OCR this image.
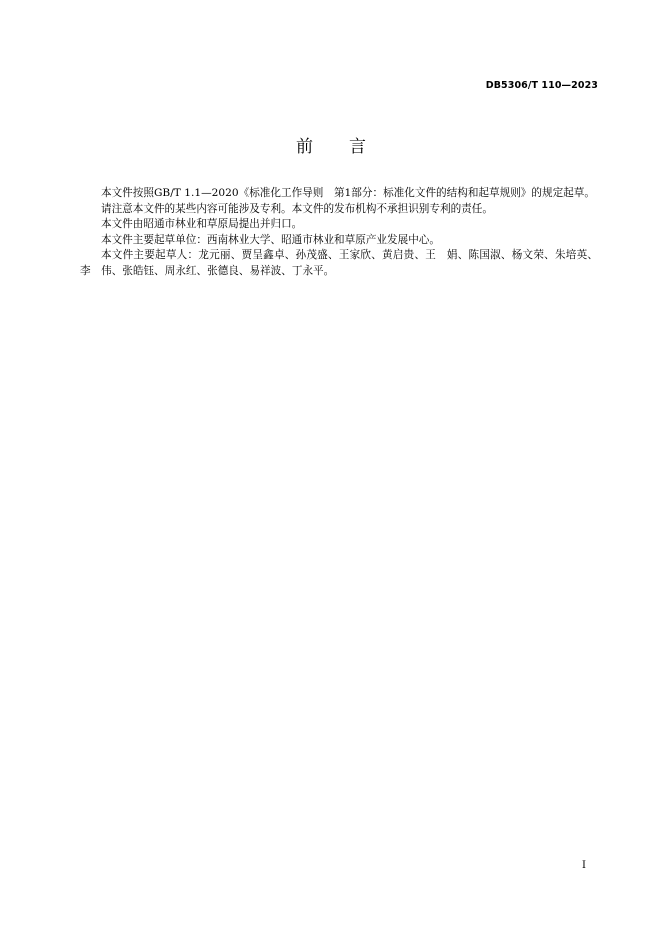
DB5306/T 110—2023
前 言

本文件按照GB/T 1.1—2020《标准化工作导则　第1部分：标准化文件的结构和起草规则》的规定起草。

请注意本文件的某些内容可能涉及专利。本文件的发布机构不承担识别专利的责任。

本文件由昭通市林业和草原局提出并归口。

本文件主要起草单位：西南林业大学、昭通市林业和草原产业发展中心。

本文件主要起草人：龙元丽、贾呈鑫卓、孙茂盛、王家欣、黄启贵、王　娟、陈国淑、杨文荣、朱培英、李　伟、张皓钰、周永红、张德良、易祥波、丁永平。

I
